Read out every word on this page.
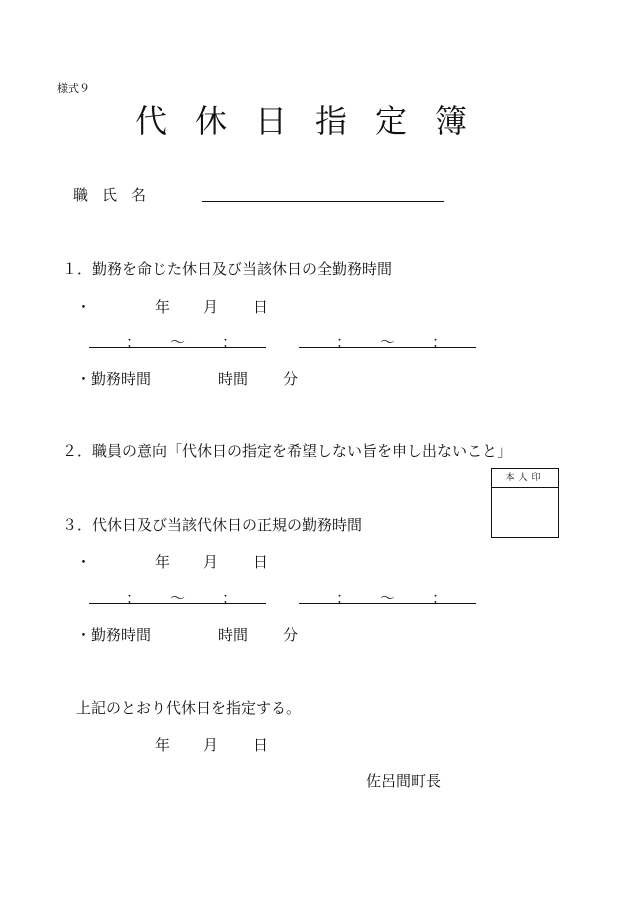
様式９
代休日指定簿
職氏名
１．勤務を命じた休日及び当該休日の全勤務時間
・	年 月 日
： 〜 ：	： 〜 ：
・勤務時間	時間 分
２．職員の意向「代休日の指定を希望しない旨を申し出ないこと」
本人印
３．代休日及び当該代休日の正規の勤務時間
・	年 月 日
： 〜 ：	： 〜 ：
・勤務時間	時間 分
上記のとおり代休日を指定する。
年 月 日
佐呂間町長
